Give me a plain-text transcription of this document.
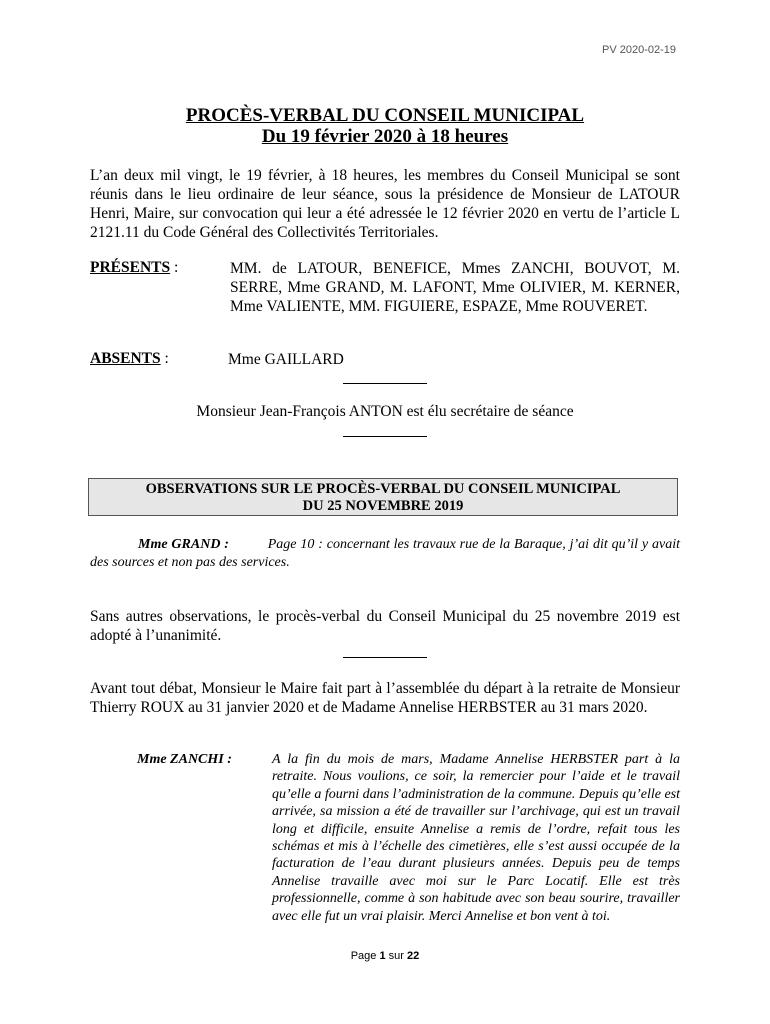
PV 2020-02-19
PROCÈS-VERBAL DU CONSEIL MUNICIPAL
Du 19 février 2020 à 18 heures
L’an deux mil vingt, le 19 février, à 18 heures, les membres du Conseil Municipal se sont réunis dans le lieu ordinaire de leur séance, sous la présidence de Monsieur de LATOUR Henri, Maire, sur convocation qui leur a été adressée le 12 février 2020 en vertu de l’article L 2121.11 du Code Général des Collectivités Territoriales.
PRÉSENTS :	MM. de LATOUR, BENEFICE, Mmes ZANCHI, BOUVOT, M. SERRE, Mme GRAND, M. LAFONT, Mme OLIVIER, M. KERNER, Mme VALIENTE, MM. FIGUIERE, ESPAZE, Mme ROUVERET.
ABSENTS :	Mme GAILLARD
Monsieur Jean-François ANTON est élu secrétaire de séance
OBSERVATIONS SUR LE PROCÈS-VERBAL DU CONSEIL MUNICIPAL
DU 25 NOVEMBRE 2019
Mme GRAND :	Page 10 : concernant les travaux rue de la Baraque, j’ai dit qu’il y avait des sources et non pas des services.
Sans autres observations, le procès-verbal du Conseil Municipal du 25 novembre 2019 est adopté à l’unanimité.
Avant tout débat, Monsieur le Maire fait part à l’assemblée du départ à la retraite de Monsieur Thierry ROUX au 31 janvier 2020 et de Madame Annelise HERBSTER au 31 mars 2020.
Mme ZANCHI :	A la fin du mois de mars, Madame Annelise HERBSTER part à la retraite. Nous voulions, ce soir, la remercier pour l’aide et le travail qu’elle a fourni dans l’administration de la commune. Depuis qu’elle est arrivée, sa mission a été de travailler sur l’archivage, qui est un travail long et difficile, ensuite Annelise a remis de l’ordre, refait tous les schémas et mis à l’échelle des cimetières, elle s’est aussi occupée de la facturation de l’eau durant plusieurs années. Depuis peu de temps Annelise travaille avec moi sur le Parc Locatif. Elle est très professionnelle, comme à son habitude avec son beau sourire, travailler avec elle fut un vrai plaisir. Merci Annelise et bon vent à toi.
Page 1 sur 22
